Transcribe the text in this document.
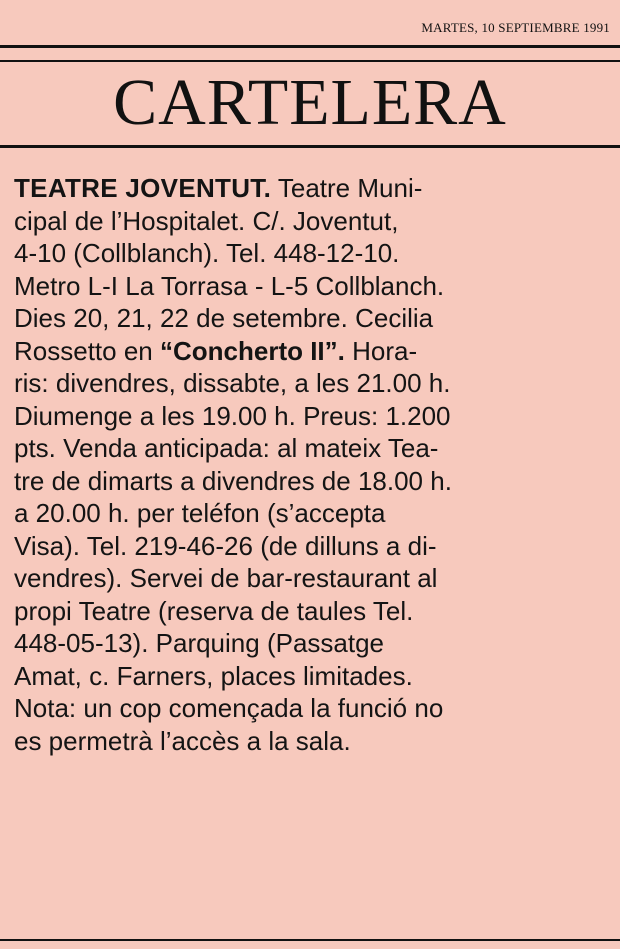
MARTES, 10 SEPTIEMBRE 1991
CARTELERA
TEATRE JOVENTUT. Teatre Muni-
cipal de l’Hospitalet. C/. Joventut,
4-10 (Collblanch). Tel. 448-12-10.
Metro L-I La Torrasa - L-5 Collblanch.
Dies 20, 21, 22 de setembre. Cecilia
Rossetto en “Concherto II”. Hora-
ris: divendres, dissabte, a les 21.00 h.
Diumenge a les 19.00 h. Preus: 1.200
pts. Venda anticipada: al mateix Tea-
tre de dimarts a divendres de 18.00 h.
a 20.00 h. per teléfon (s’accepta
Visa). Tel. 219-46-26 (de dilluns a di-
vendres). Servei de bar-restaurant al
propi Teatre (reserva de taules Tel.
448-05-13). Parquing (Passatge
Amat, c. Farners, places limitades.
Nota: un cop començada la funció no
es permetrà l’accès a la sala.
